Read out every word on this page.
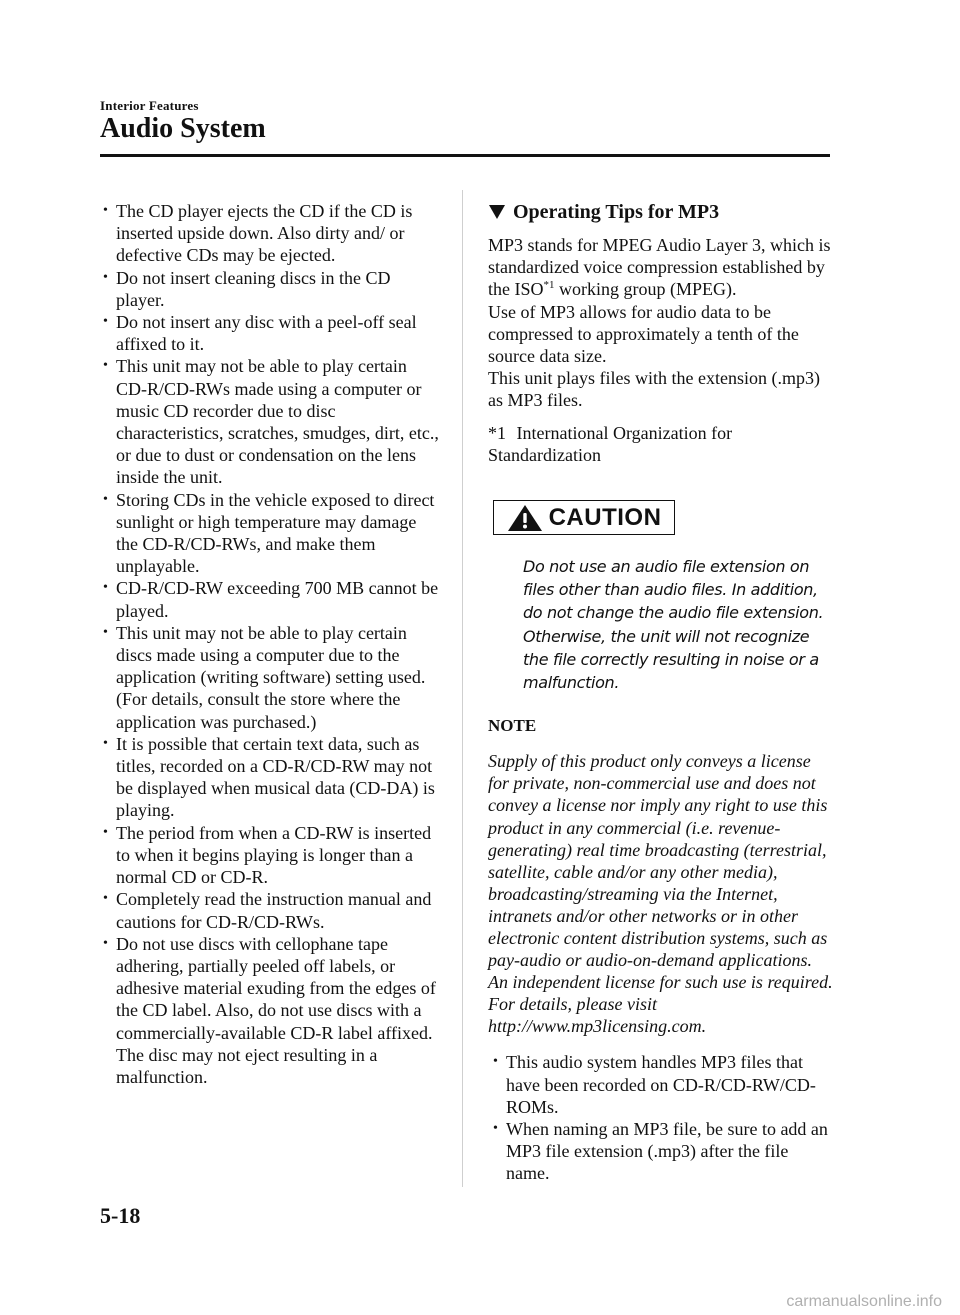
Interior Features
Audio System
• The CD player ejects the CD if the CD is inserted upside down. Also dirty and/ or defective CDs may be ejected.
• Do not insert cleaning discs in the CD player.
• Do not insert any disc with a peel-off seal affixed to it.
• This unit may not be able to play certain CD-R/CD-RWs made using a computer or music CD recorder due to disc characteristics, scratches, smudges, dirt, etc., or due to dust or condensation on the lens inside the unit.
• Storing CDs in the vehicle exposed to direct sunlight or high temperature may damage the CD-R/CD-RWs, and make them unplayable.
• CD-R/CD-RW exceeding 700 MB cannot be played.
• This unit may not be able to play certain discs made using a computer due to the application (writing software) setting used. (For details, consult the store where the application was purchased.)
• It is possible that certain text data, such as titles, recorded on a CD-R/CD-RW may not be displayed when musical data (CD-DA) is playing.
• The period from when a CD-RW is inserted to when it begins playing is longer than a normal CD or CD-R.
• Completely read the instruction manual and cautions for CD-R/CD-RWs.
• Do not use discs with cellophane tape adhering, partially peeled off labels, or adhesive material exuding from the edges of the CD label. Also, do not use discs with a commercially-available CD-R label affixed. The disc may not eject resulting in a malfunction.
Operating Tips for MP3

MP3 stands for MPEG Audio Layer 3, which is standardized voice compression established by the ISO$^{*1}$ working group (MPEG).

Use of MP3 allows for audio data to be compressed to approximately a tenth of the source data size.

This unit plays files with the extension (.mp3) as MP3 files.

*1 International Organization for Standardization
CAUTION
Do not use an audio file extension on files other than audio files. In addition, do not change the audio file extension. Otherwise, the unit will not recognize the file correctly resulting in noise or a malfunction.
NOTE
Supply of this product only conveys a license for private, non-commercial use and does not convey a license nor imply any right to use this product in any commercial (i.e. revenue-generating) real time broadcasting (terrestrial, satellite, cable and/or any other media), broadcasting/streaming via the Internet, intranets and/or other networks or in other electronic content distribution systems, such as pay-audio or audio-on-demand applications. An independent license for such use is required. For details, please visit http://www.mp3licensing.com.
• This audio system handles MP3 files that have been recorded on CD-R/CD-RW/CD-ROMs.
• When naming an MP3 file, be sure to add an MP3 file extension (.mp3) after the file name.
5-18
carmanualsonline.info
